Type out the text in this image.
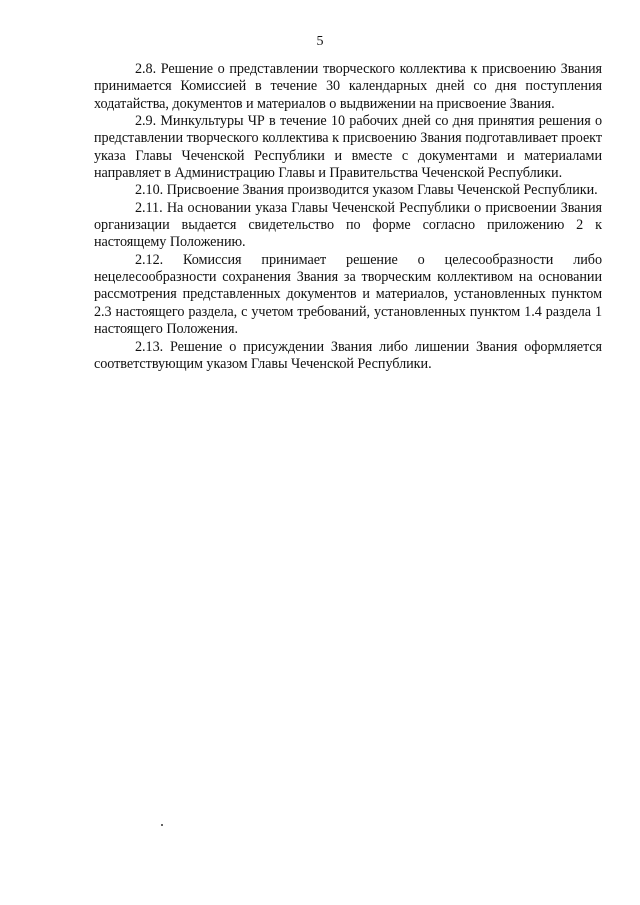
5

2.8. Решение о представлении творческого коллектива к присвоению Звания принимается Комиссией в течение 30 календарных дней со дня поступления ходатайства, документов и материалов о выдвижении на присвоение Звания.

2.9. Минкультуры ЧР в течение 10 рабочих дней со дня принятия решения о представлении творческого коллектива к присвоению Звания подготавливает проект указа Главы Чеченской Республики и вместе с документами и материалами направляет в Администрацию Главы и Правительства Чеченской Республики.

2.10. Присвоение Звания производится указом Главы Чеченской Республики.

2.11. На основании указа Главы Чеченской Республики о присвоении Звания организации выдается свидетельство по форме согласно приложению 2 к настоящему Положению.

2.12. Комиссия принимает решение о целесообразности либо нецелесообразности сохранения Звания за творческим коллективом на основании рассмотрения представленных документов и материалов, установленных пунктом 2.3 настоящего раздела, с учетом требований, установленных пунктом 1.4 раздела 1 настоящего Положения.

2.13. Решение о присуждении Звания либо лишении Звания оформляется соответствующим указом Главы Чеченской Республики.
